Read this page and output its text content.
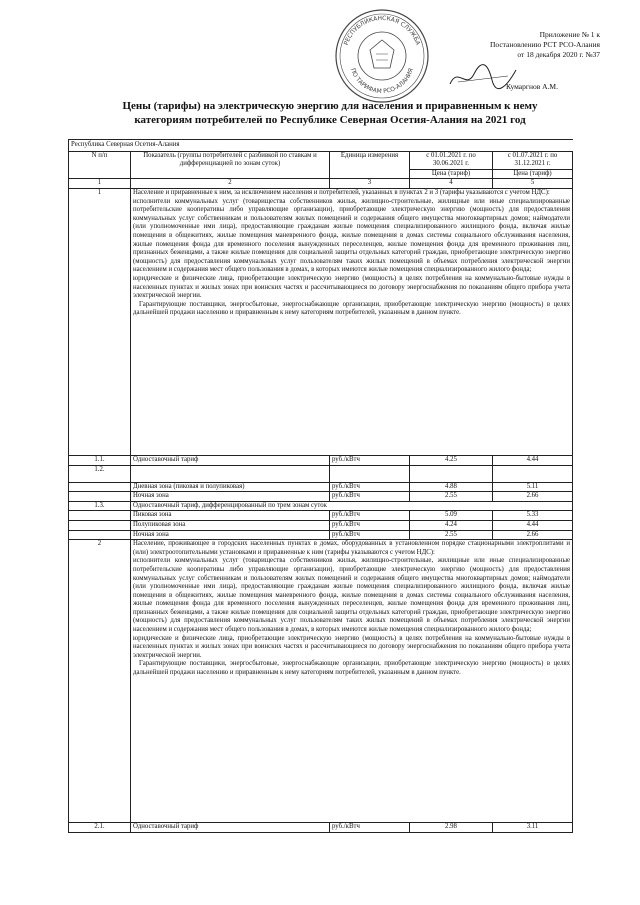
Приложение № 1 к
Постановлению РСТ РСО-Алания
от 18 декабря 2020 г. №37
Кумаргнов А.М.
РЕСПУБЛИКАНСКАЯ СЛУЖБА
ПО ТАРИФАМ РСО-АЛАНИЯ
Цены (тарифы) на электрическую энергию для населения и приравненным к нему
категориям потребителей по Республике Северная Осетия-Алания на 2021 год
Республика Северная Осетия-Алания				
N п/п	Показатель (группы потребителей с разбивкой по ставкам и дифференциацией по зонам суток)	Единица измерения	с 01.01.2021 г. по 30.06.2021 г.	с 01.07.2021 г. по 31.12.2021 г.
			Цена (тариф)	Цена (тариф)
1	2	3	4	5
1	Население и приравненные к ним, за исключением населения и потребителей, указанных в пунктах 2 и 3 (тарифы указываются с учетом НДС):

исполнители коммунальных услуг (товарищества собственников жилья, жилищно-строительные, жилищные или иные специализированные потребительские кооперативы либо управляющие организации), приобретающие электрическую энергию (мощность) для предоставления коммунальных услуг собственникам и пользователям жилых помещений и содержания общего имущества многоквартирных домов; наймодатели (или уполномоченные ими лица), предоставляющие гражданам жилые помещения специализированного жилищного фонда, включая жилые помещения в общежитиях, жилые помещения маневренного фонда, жилые помещения в домах системы социального обслуживания населения, жилые помещения фонда для временного поселения вынужденных переселенцев, жилые помещения фонда для временного проживания лиц, признанных беженцами, а также жилые помещения для социальной защиты отдельных категорий граждан, приобретающие электрическую энергию (мощность) для предоставления коммунальных услуг пользователям таких жилых помещений в объемах потребления электрической энергии населением и содержания мест общего пользования в домах, в которых имеются жилые помещения специализированного жилого фонда;

юридические и физические лица, приобретающие электрическую энергию (мощность) в целях потребления на коммунально-бытовые нужды в населенных пунктах и жилых зонах при воинских частях и рассчитывающиеся по договору энергоснабжения по показаниям общего прибора учета электрической энергии.

Гарантирующие поставщики, энергосбытовые, энергоснабжающие организации, приобретающие электрическую энергию (мощность) в целях дальнейшей продажи населению и приравненным к нему категориям потребителей, указанным в данном пункте.			

1.1.	Одноставочный тариф	руб./кВтч	4.25	4.44
1.2.				
	Дневная зона (пиковая и полупиковая)	руб./кВтч	4.88	5.11
	Ночная зона	руб./кВтч	2.55	2.66
1.3.	Одноставочный тариф, дифференцированный по трем зонам суток			
	Пиковая зона	руб./кВтч	5.09	5.33
	Полупиковая зона	руб./кВтч	4.24	4.44
	Ночная зона	руб./кВтч	2.55	2.66
2	Население, проживающее в городских населенных пунктах в домах, оборудованных в установленном порядке стационарными электроплитами и (или) электроотопительными установками и приравненные к ним (тарифы указываются с учетом НДС):

исполнители коммунальных услуг (товарищества собственников жилья, жилищно-строительные, жилищные или иные специализированные потребительские кооперативы либо управляющие организации), приобретающие электрическую энергию (мощность) для предоставления коммунальных услуг собственникам и пользователям жилых помещений и содержания общего имущества многоквартирных домов; наймодатели (или уполномоченные ими лица), предоставляющие гражданам жилые помещения специализированного жилищного фонда, включая жилые помещения в общежитиях, жилые помещения маневренного фонда, жилые помещения в домах системы социального обслуживания населения, жилые помещения фонда для временного поселения вынужденных переселенцев, жилые помещения фонда для временного проживания лиц, признанных беженцами, а также жилые помещения для социальной защиты отдельных категорий граждан, приобретающие электрическую энергию (мощность) для предоставления коммунальных услуг пользователям таких жилых помещений в объемах потребления электрической энергии населением и содержания мест общего пользования в домах, в которых имеются жилые помещения специализированного жилого фонда;

юридические и физические лица, приобретающие электрическую энергию (мощность) в целях потребления на коммунально-бытовые нужды в населенных пунктах и жилых зонах при воинских частях и рассчитывающиеся по договору энергоснабжения по показаниям общего прибора учета электрической энергии.

Гарантирующие поставщики, энергосбытовые, энергоснабжающие организации, приобретающие электрическую энергию (мощность) в целях дальнейшей продажи населению и приравненным к нему категориям потребителей, указанным в данном пункте.			

2.1.	Одноставочный тариф	руб./кВтч	2.98	3.11
